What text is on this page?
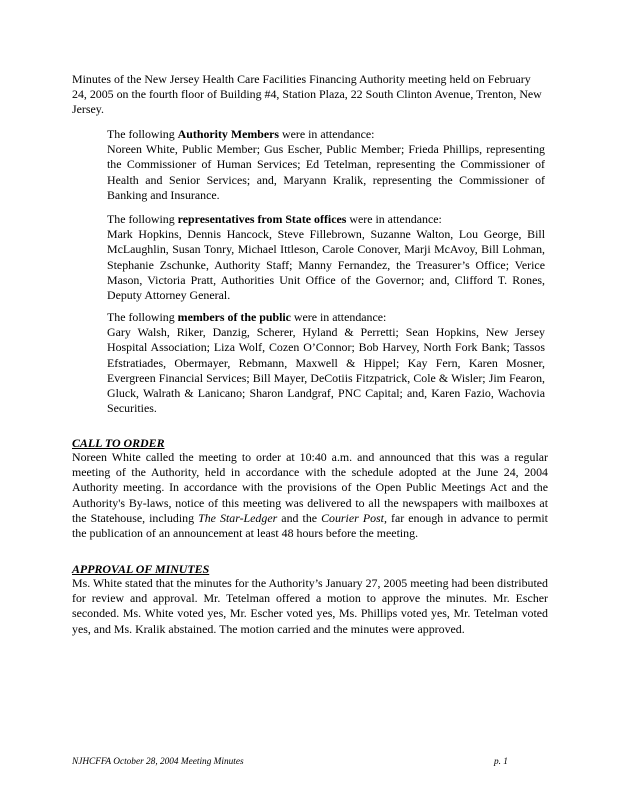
Minutes of the New Jersey Health Care Facilities Financing Authority meeting held on February 24, 2005 on the fourth floor of Building #4, Station Plaza, 22 South Clinton Avenue, Trenton, New Jersey.

The following Authority Members were in attendance:
Noreen White, Public Member; Gus Escher, Public Member; Frieda Phillips, representing the Commissioner of Human Services; Ed Tetelman, representing the Commissioner of Health and Senior Services; and, Maryann Kralik, representing the Commissioner of Banking and Insurance.
The following representatives from State offices were in attendance:
Mark Hopkins, Dennis Hancock, Steve Fillebrown, Suzanne Walton, Lou George, Bill McLaughlin, Susan Tonry, Michael Ittleson, Carole Conover, Marji McAvoy, Bill Lohman, Stephanie Zschunke, Authority Staff; Manny Fernandez, the Treasurer’s Office; Verice Mason, Victoria Pratt, Authorities Unit Office of the Governor; and, Clifford T. Rones, Deputy Attorney General.
The following members of the public were in attendance:
Gary Walsh, Riker, Danzig, Scherer, Hyland & Perretti; Sean Hopkins, New Jersey Hospital Association; Liza Wolf, Cozen O’Connor; Bob Harvey, North Fork Bank; Tassos Efstratiades, Obermayer, Rebmann, Maxwell & Hippel; Kay Fern, Karen Mosner, Evergreen Financial Services; Bill Mayer, DeCotiis Fitzpatrick, Cole & Wisler; Jim Fearon, Gluck, Walrath & Lanicano; Sharon Landgraf, PNC Capital; and, Karen Fazio, Wachovia Securities.
CALL TO ORDER

Noreen White called the meeting to order at 10:40 a.m. and announced that this was a regular meeting of the Authority, held in accordance with the schedule adopted at the June 24, 2004 Authority meeting. In accordance with the provisions of the Open Public Meetings Act and the Authority's By-laws, notice of this meeting was delivered to all the newspapers with mailboxes at the Statehouse, including The Star-Ledger and the Courier Post, far enough in advance to permit the publication of an announcement at least 48 hours before the meeting.

APPROVAL OF MINUTES

Ms. White stated that the minutes for the Authority’s January 27, 2005 meeting had been distributed for review and approval. Mr. Tetelman offered a motion to approve the minutes. Mr. Escher seconded. Ms. White voted yes, Mr. Escher voted yes, Ms. Phillips voted yes, Mr. Tetelman voted yes, and Ms. Kralik abstained. The motion carried and the minutes were approved.

NJHCFFA October 28, 2004 Meeting Minutes	p. 1
